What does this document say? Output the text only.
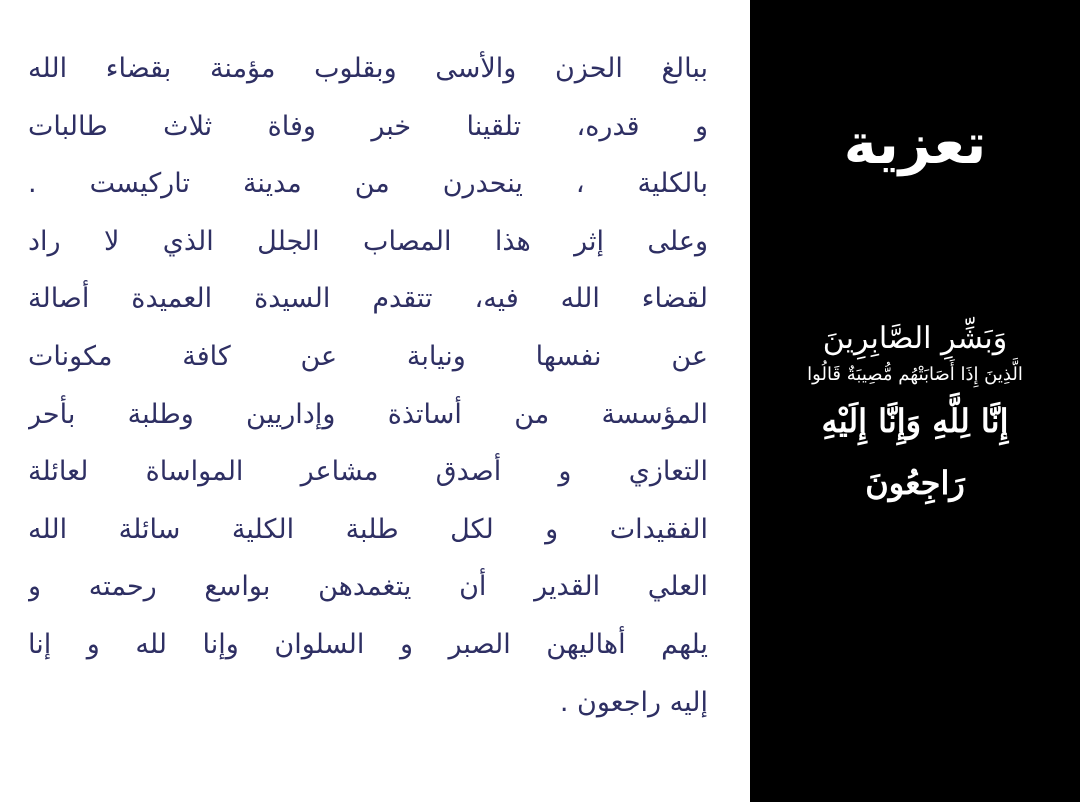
ببالغ الحزن والأسى وبقلوب مؤمنة بقضاء الله
و قدره، تلقينا خبر وفاة ثلاث طالبات
بالكلية ، ينحدرن من مدينة تاركيست .
وعلى إثر هذا المصاب الجلل الذي لا راد
لقضاء الله فيه، تتقدم السيدة العميدة أصالة
عن نفسها ونيابة عن كافة مكونات
المؤسسة من أساتذة وإداريين وطلبة بأحر
التعازي و أصدق مشاعر المواساة لعائلة
الفقيدات و لكل طلبة الكلية سائلة الله
العلي القدير أن يتغمدهن بواسع رحمته و
يلهم أهاليهن الصبر و السلوان وإنا لله و إنا
إليه راجعون .
تعزية
وَبَشِّرِ الصَّابِرِينَ
الَّذِينَ إِذَا أَصَابَتْهُم مُّصِيبَةٌ قَالُوا
إِنَّا لِلَّهِ وَإِنَّا إِلَيْهِ رَاجِعُونَ
